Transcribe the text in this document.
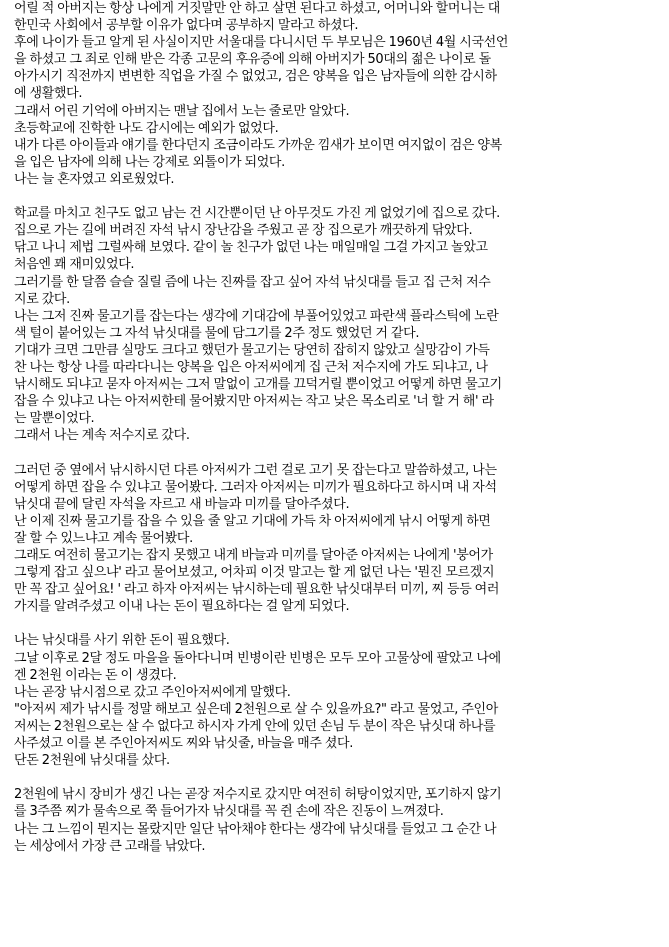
어릴 적 아버지는 항상 나에게 거짓말만 안 하고 살면 된다고 하셨고, 어머니와 할머니는 대
한민국 사회에서 공부할 이유가 없다며 공부하지 말라고 하셨다.
후에 나이가 들고 알게 된 사실이지만 서울대를 다니시던 두 부모님은 1960년 4월 시국선언
을 하셨고 그 죄로 인해 받은 각종 고문의 후유증에 의해 아버지가 50대의 젊은 나이로 돌
아가시기 직전까지 변변한 직업을 가질 수 없었고, 검은 양복을 입은 남자들에 의한 감시하
에 생활했다.
그래서 어린 기억에 아버지는 맨날 집에서 노는 줄로만 알았다.
초등학교에 진학한 나도 감시에는 예외가 없었다.
내가 다른 아이들과 얘기를 한다던지 조금이라도 가까운 낌새가 보이면 여지없이 검은 양복
을 입은 남자에 의해 나는 강제로 외톨이가 되었다.
나는 늘 혼자였고 외로웠었다.
학교를 마치고 친구도 없고 남는 건 시간뿐이던 난 아무것도 가진 게 없었기에 집으로 갔다.
집으로 가는 길에 버려진 자석 낚시 장난감을 주웠고 곧 장 집으로가 깨끗하게 닦았다.
닦고 나니 제법 그럴싸해 보였다. 같이 놀 친구가 없던 나는 매일매일 그걸 가지고 놀았고
처음엔 꽤 재미있었다.
그러기를 한 달쯤 슬슬 질릴 즘에 나는 진짜를 잡고 싶어 자석 낚싯대를 들고 집 근처 저수
지로 갔다.
나는 그저 진짜 물고기를 잡는다는 생각에 기대감에 부풀어있었고 파란색 플라스틱에 노란
색 털이 붙어있는 그 자석 낚싯대를 물에 담그기를 2주 정도 했었던 거 같다.
기대가 크면 그만큼 실망도 크다고 했던가 물고기는 당연히 잡히지 않았고 실망감이 가득
찬 나는 항상 나를 따라다니는 양복을 입은 아저씨에게 집 근처 저수지에 가도 되냐고, 나
낚시해도 되냐고 묻자 아저씨는 그저 말없이 고개를 끄덕거릴 뿐이었고 어떻게 하면 물고기
잡을 수 있냐고 나는 아저씨한테 물어봤지만 아저씨는 작고 낮은 목소리로 '너 할 거 해' 라
는 말뿐이었다.
그래서 나는 계속 저수지로 갔다.
그러던 중 옆에서 낚시하시던 다른 아저씨가 그런 걸로 고기 못 잡는다고 말씀하셨고, 나는
어떻게 하면 잡을 수 있냐고 물어봤다. 그러자 아저씨는 미끼가 필요하다고 하시며 내 자석
낚싯대 끝에 달린 자석을 자르고 새 바늘과 미끼를 달아주셨다.
난 이제 진짜 물고기를 잡을 수 있을 줄 알고 기대에 가득 차 아저씨에게 낚시 어떻게 하면
잘 할 수 있느냐고 계속 물어봤다.
그래도 여전히 물고기는 잡지 못했고 내게 바늘과 미끼를 달아준 아저씨는 나에게 '붕어가
그렇게 잡고 싶으냐' 라고 물어보셨고, 어차피 이것 말고는 할 게 없던 나는 '뭔진 모르겠지
만 꼭 잡고 싶어요! ' 라고 하자 아저씨는 낚시하는데 필요한 낚싯대부터 미끼, 찌 등등 여러
가지를 알려주셨고 이내 나는 돈이 필요하다는 걸 알게 되었다.
나는 낚싯대를 사기 위한 돈이 필요했다.
그날 이후로 2달 정도 마을을 돌아다니며 빈병이란 빈병은 모두 모아 고물상에 팔았고 나에
겐 2천원 이라는 돈 이 생겼다.
나는 곧장 낚시점으로 갔고 주인아저씨에게 말했다.
"아저씨 제가 낚시를 정말 해보고 싶은데 2천원으로 살 수 있을까요?" 라고 물었고, 주인아
저씨는 2천원으로는 살 수 없다고 하시자 가게 안에 있던 손님 두 분이 작은 낚싯대 하나를
사주셨고 이를 본 주인아저씨도 찌와 낚싯줄, 바늘을 매주 셨다.
단돈 2천원에 낚싯대를 샀다.
2천원에 낚시 장비가 생긴 나는 곧장 저수지로 갔지만 여전히 허탕이었지만, 포기하지 않기
를 3주쯤 찌가 물속으로 쭉 들어가자 낚싯대를 꼭 쥔 손에 작은 진동이 느껴졌다.
나는 그 느낌이 뭔지는 몰랐지만 일단 낚아채야 한다는 생각에 낚싯대를 들었고 그 순간 나
는 세상에서 가장 큰 고래를 낚았다.
